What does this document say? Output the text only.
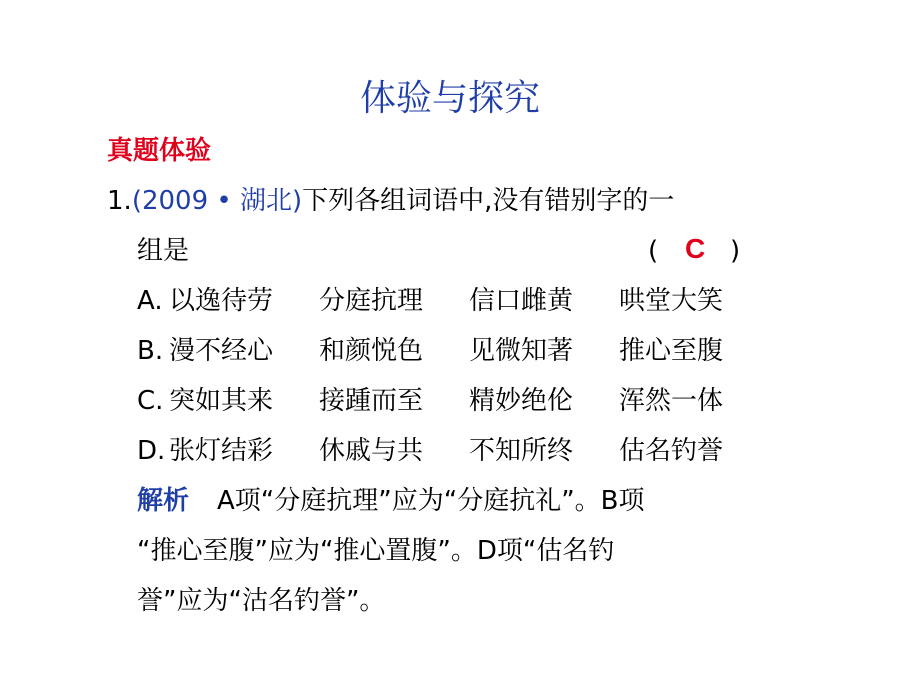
体验与探究
真题体验
1.(2009 • 湖北)下列各组词语中,没有错别字的一
组是	( C )
A. 以逸待劳 分庭抗理 信口雌黄 哄堂大笑
B. 漫不经心 和颜悦色 见微知著 推心至腹
C. 突如其来 接踵而至 精妙绝伦 浑然一体
D. 张灯结彩 休戚与共 不知所终 估名钓誉
解析 A项“分庭抗理”应为“分庭抗礼”。B项
“推心至腹”应为“推心置腹”。D项“估名钓
誉”应为“沽名钓誉”。
